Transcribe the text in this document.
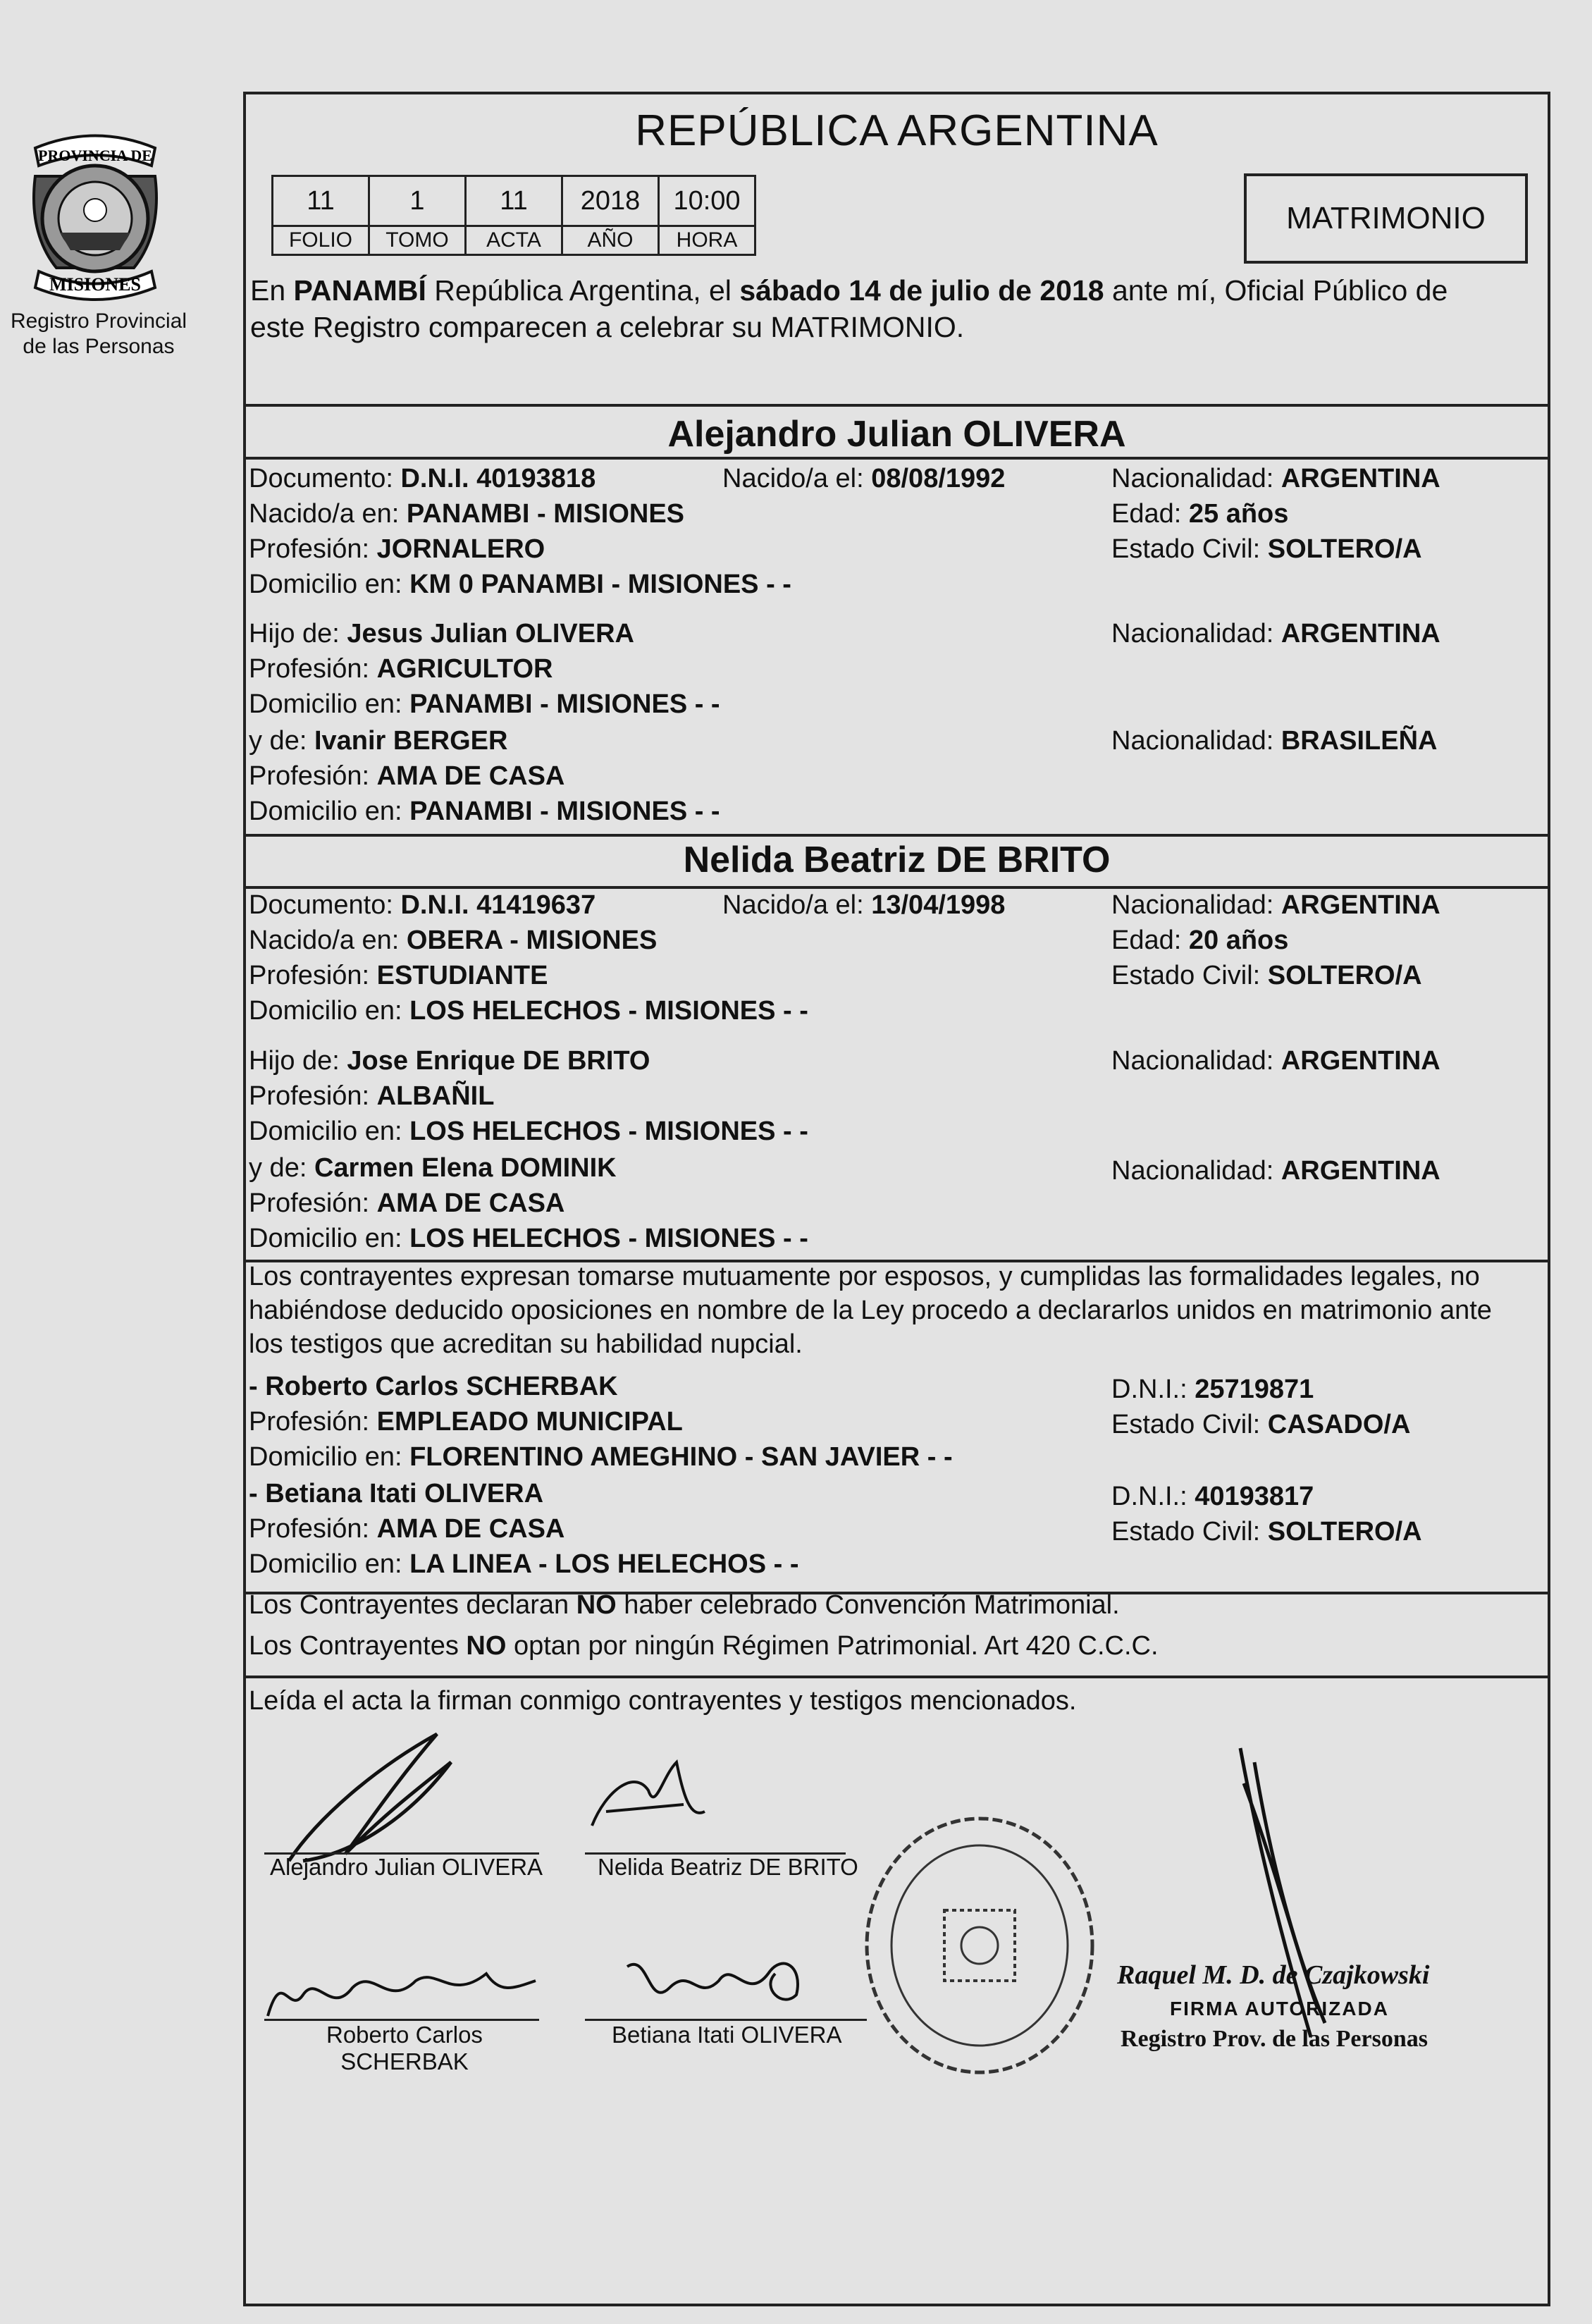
PROVINCIA DE
MISIONES
Registro Provincial
de las Personas
REPÚBLICA ARGENTINA
11	1	11	2018	10:00
FOLIO	TOMO	ACTA	AÑO	HORA
MATRIMONIO
En PANAMBÍ República Argentina, el sábado 14 de julio de 2018 ante mí, Oficial Público de
este Registro comparecen a celebrar su MATRIMONIO.
Alejandro Julian OLIVERA
Documento: D.N.I. 40193818	Nacido/a el: 08/08/1992	Nacionalidad: ARGENTINA
Nacido/a en: PANAMBI - MISIONES	Edad: 25 años
Profesión: JORNALERO	Estado Civil: SOLTERO/A
Domicilio en: KM 0 PANAMBI - MISIONES - -
Hijo de: Jesus Julian OLIVERA	Nacionalidad: ARGENTINA
Profesión: AGRICULTOR
Domicilio en: PANAMBI - MISIONES - -
y de: Ivanir BERGER	Nacionalidad: BRASILEÑA
Profesión: AMA DE CASA
Domicilio en: PANAMBI - MISIONES - -
Nelida Beatriz DE BRITO
Documento: D.N.I. 41419637	Nacido/a el: 13/04/1998	Nacionalidad: ARGENTINA
Nacido/a en: OBERA - MISIONES	Edad: 20 años
Profesión: ESTUDIANTE	Estado Civil: SOLTERO/A
Domicilio en: LOS HELECHOS - MISIONES - -
Hijo de: Jose Enrique DE BRITO	Nacionalidad: ARGENTINA
Profesión: ALBAÑIL
Domicilio en: LOS HELECHOS - MISIONES - -
y de: Carmen Elena DOMINIK	Nacionalidad: ARGENTINA
Profesión: AMA DE CASA
Domicilio en: LOS HELECHOS - MISIONES - -
Los contrayentes expresan tomarse mutuamente por esposos, y cumplidas las formalidades legales, no
habiéndose deducido oposiciones en nombre de la Ley procedo a declararlos unidos en matrimonio ante
los testigos que acreditan su habilidad nupcial.
- Roberto Carlos SCHERBAK	D.N.I.: 25719871
Profesión: EMPLEADO MUNICIPAL	Estado Civil: CASADO/A
Domicilio en: FLORENTINO AMEGHINO - SAN JAVIER - -
- Betiana Itati OLIVERA	D.N.I.: 40193817
Profesión: AMA DE CASA	Estado Civil: SOLTERO/A
Domicilio en: LA LINEA - LOS HELECHOS - -
Los Contrayentes declaran NO haber celebrado Convención Matrimonial.
Los Contrayentes NO optan por ningún Régimen Patrimonial. Art 420 C.C.C.
Leída el acta la firman conmigo contrayentes y testigos mencionados.
Alejandro Julian OLIVERA Nelida Beatriz DE BRITO
Roberto Carlos
SCHERBAK
Betiana Itati OLIVERA
Raquel M. D. de Czajkowski
FIRMA AUTORIZADA
Registro Prov. de las Personas
